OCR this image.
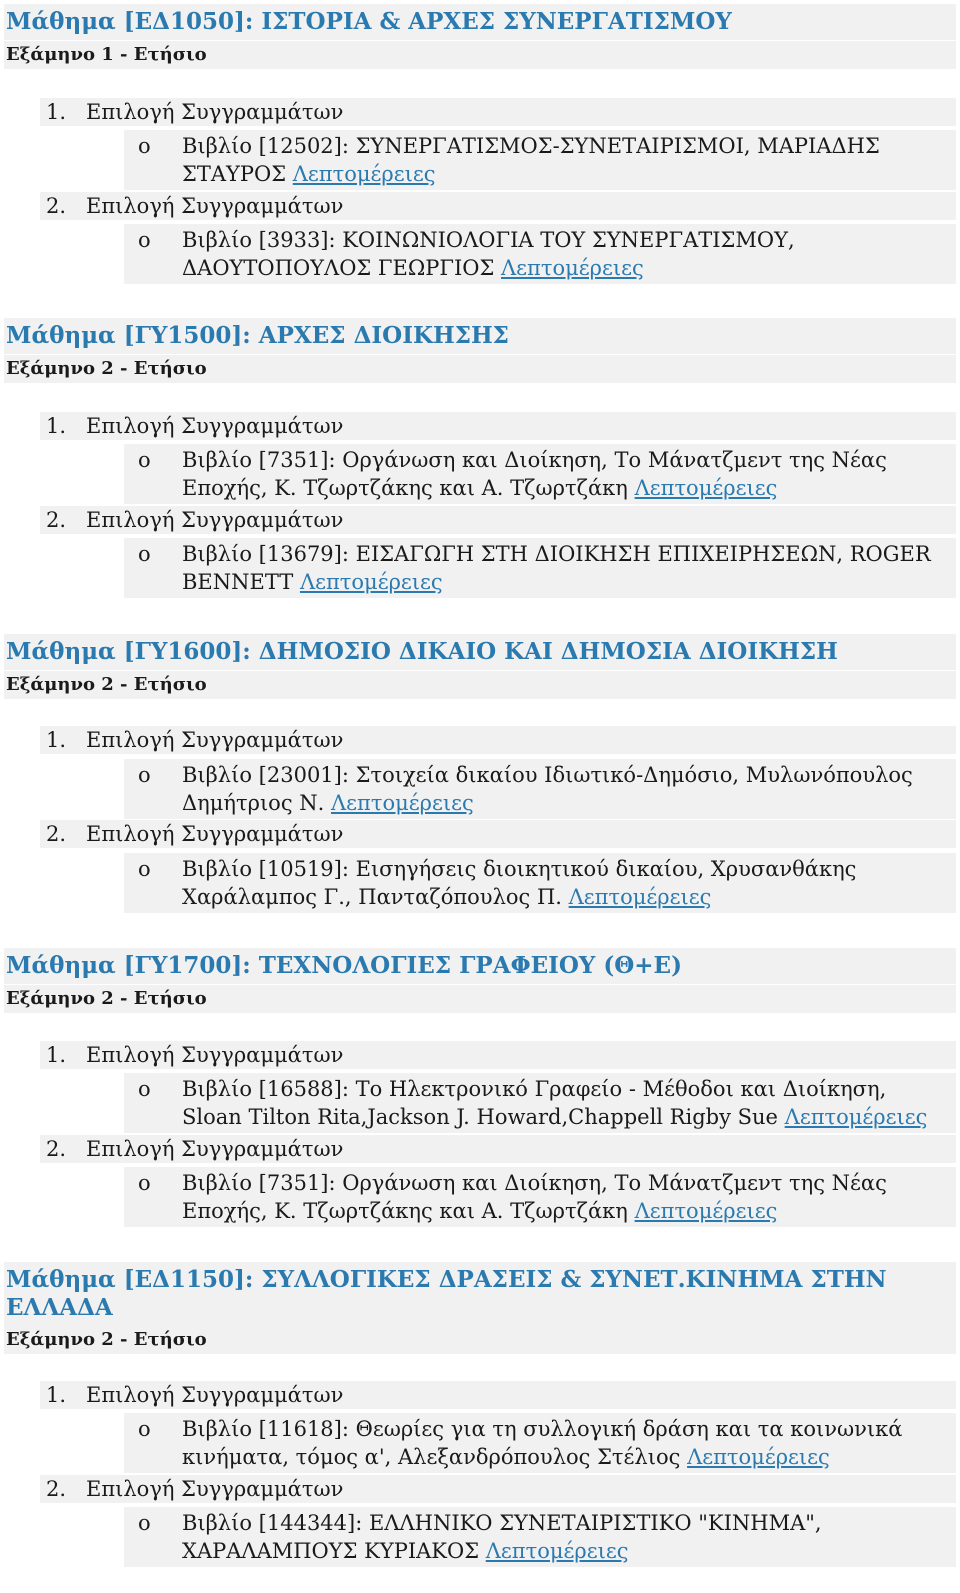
Μάθημα [ΕΔ1050]: ΙΣΤΟΡΙΑ & ΑΡΧΕΣ ΣΥΝΕΡΓΑΤΙΣΜΟΥ
Εξάμηνο 1 - Ετήσιο
1. Επιλογή Συγγραμμάτων
o Βιβλίο [12502]: ΣΥΝΕΡΓΑΤΙΣΜΟΣ-ΣΥΝΕΤΑΙΡΙΣΜΟΙ, ΜΑΡΙΑΔΗΣ ΣΤΑΥΡΟΣ Λεπτομέρειες
2. Επιλογή Συγγραμμάτων
o Βιβλίο [3933]: ΚΟΙΝΩΝΙΟΛΟΓΙΑ ΤΟΥ ΣΥΝΕΡΓΑΤΙΣΜΟΥ, ΔΑΟΥΤΟΠΟΥΛΟΣ ΓΕΩΡΓΙΟΣ Λεπτομέρειες
Μάθημα [ΓΥ1500]: ΑΡΧΕΣ ΔΙΟΙΚΗΣΗΣ
Εξάμηνο 2 - Ετήσιο
1. Επιλογή Συγγραμμάτων
o Βιβλίο [7351]: Οργάνωση και Διοίκηση, Το Μάνατζμεντ της Νέας Εποχής, Κ. Τζωρτζάκης και Α. Τζωρτζάκη Λεπτομέρειες
2. Επιλογή Συγγραμμάτων
o Βιβλίο [13679]: ΕΙΣΑΓΩΓΗ ΣΤΗ ΔΙΟΙΚΗΣΗ ΕΠΙΧΕΙΡΗΣΕΩΝ, ROGER BENNETT Λεπτομέρειες
Μάθημα [ΓΥ1600]: ΔΗΜΟΣΙΟ ΔΙΚΑΙΟ ΚΑΙ ΔΗΜΟΣΙΑ ΔΙΟΙΚΗΣΗ
Εξάμηνο 2 - Ετήσιο
1. Επιλογή Συγγραμμάτων
o Βιβλίο [23001]: Στοιχεία δικαίου Ιδιωτικό-Δημόσιο, Μυλωνόπουλος Δημήτριος Ν. Λεπτομέρειες
2. Επιλογή Συγγραμμάτων
o Βιβλίο [10519]: Εισηγήσεις διοικητικού δικαίου, Χρυσανθάκης Χαράλαμπος Γ., Πανταζόπουλος Π. Λεπτομέρειες
Μάθημα [ΓΥ1700]: ΤΕΧΝΟΛΟΓΙΕΣ ΓΡΑΦΕΙΟΥ (Θ+Ε)
Εξάμηνο 2 - Ετήσιο
1. Επιλογή Συγγραμμάτων
o Βιβλίο [16588]: Το Ηλεκτρονικό Γραφείο - Μέθοδοι και Διοίκηση, Sloan Tilton Rita,Jackson J. Howard,Chappell Rigby Sue Λεπτομέρειες
2. Επιλογή Συγγραμμάτων
o Βιβλίο [7351]: Οργάνωση και Διοίκηση, Το Μάνατζμεντ της Νέας Εποχής, Κ. Τζωρτζάκης και Α. Τζωρτζάκη Λεπτομέρειες
Μάθημα [ΕΔ1150]: ΣΥΛΛΟΓΙΚΕΣ ΔΡΑΣΕΙΣ & ΣΥΝΕΤ.ΚΙΝΗΜΑ ΣΤΗΝ ΕΛΛΑΔΑ
Εξάμηνο 2 - Ετήσιο
1. Επιλογή Συγγραμμάτων
o Βιβλίο [11618]: Θεωρίες για τη συλλογική δράση και τα κοινωνικά κινήματα, τόμος α', Αλεξανδρόπουλος Στέλιος Λεπτομέρειες
2. Επιλογή Συγγραμμάτων
o Βιβλίο [144344]: ΕΛΛΗΝΙΚΟ ΣΥΝΕΤΑΙΡΙΣΤΙΚΟ "ΚΙΝΗΜΑ", ΧΑΡΑΛΑΜΠΟΥΣ ΚΥΡΙΑΚΟΣ Λεπτομέρειες
